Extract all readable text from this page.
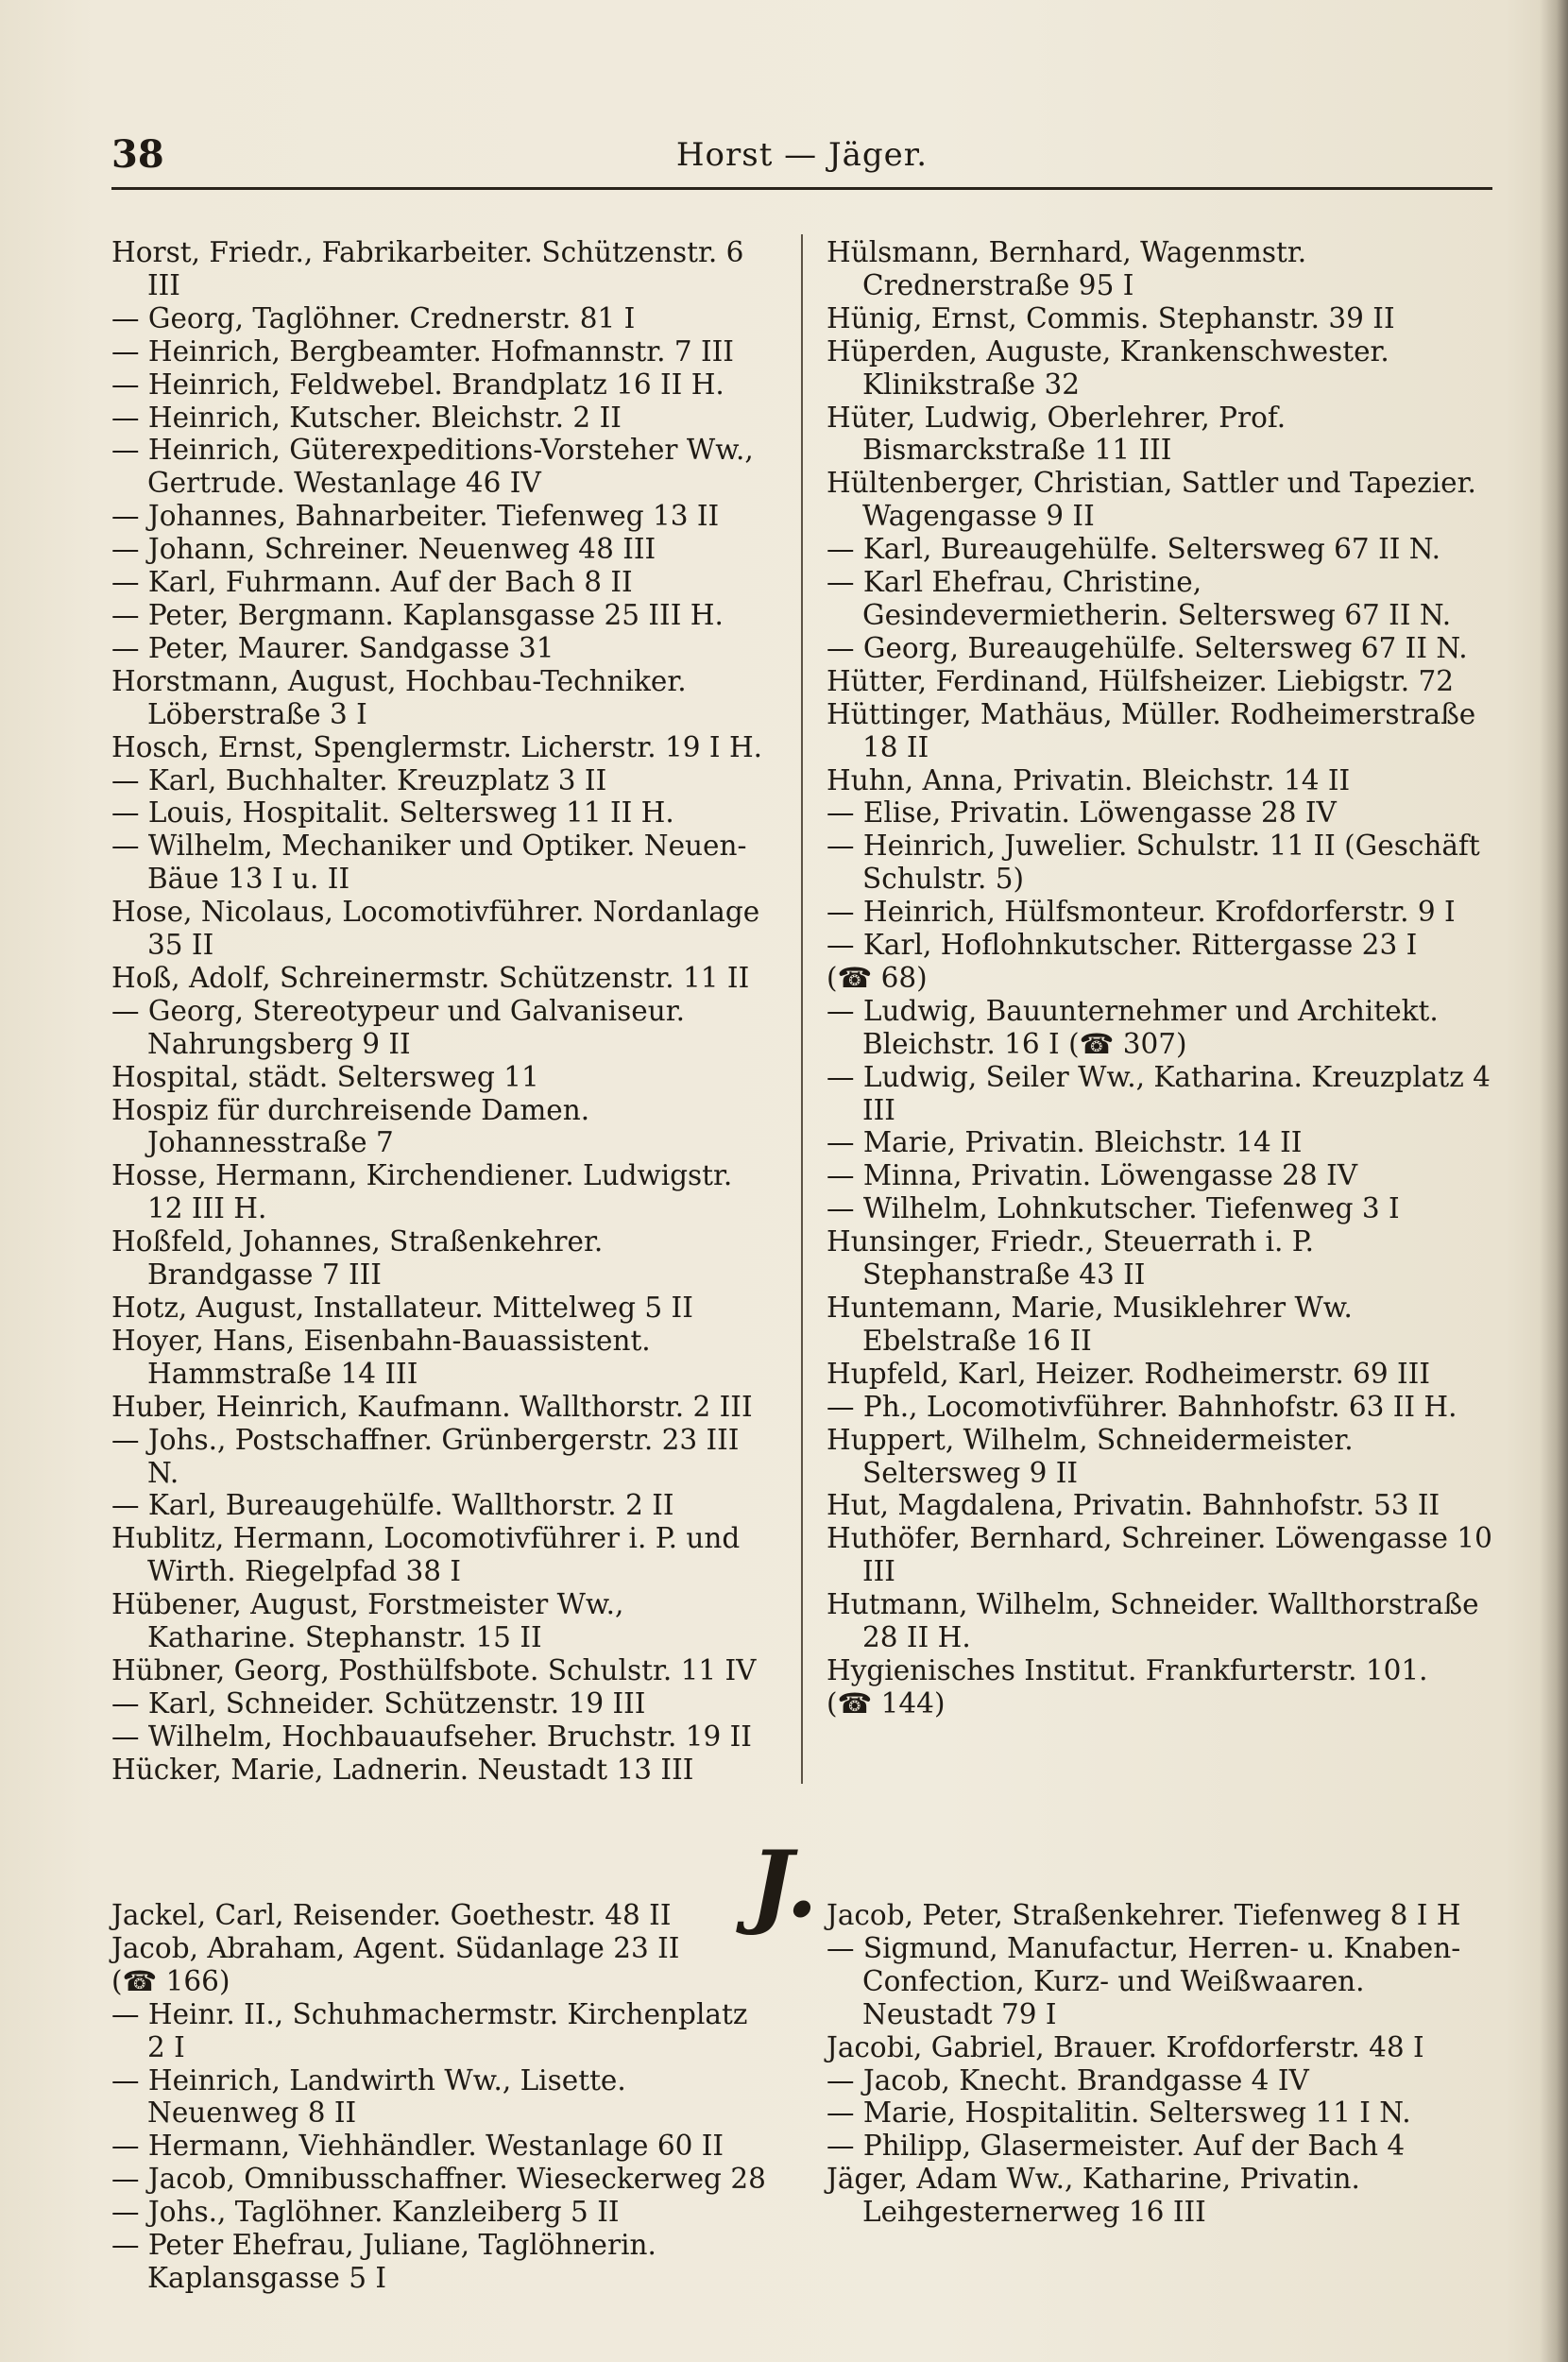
38	Horst — Jäger.
Horst, Friedr., Fabrikarbeiter. Schützenstr. 6 III
— Georg, Taglöhner. Crednerstr. 81 I
— Heinrich, Bergbeamter. Hofmannstr. 7 III
— Heinrich, Feldwebel. Brandplatz 16 II H.
— Heinrich, Kutscher. Bleichstr. 2 II
— Heinrich, Güterexpeditions-Vorsteher Ww., Gertrude. Westanlage 46 IV
— Johannes, Bahnarbeiter. Tiefenweg 13 II
— Johann, Schreiner. Neuenweg 48 III
— Karl, Fuhrmann. Auf der Bach 8 II
— Peter, Bergmann. Kaplansgasse 25 III H.
— Peter, Maurer. Sandgasse 31
Horstmann, August, Hochbau-Techniker. Löberstraße 3 I
Hosch, Ernst, Spenglermstr. Licherstr. 19 I H.
— Karl, Buchhalter. Kreuzplatz 3 II
— Louis, Hospitalit. Seltersweg 11 II H.
— Wilhelm, Mechaniker und Optiker. Neuen-Bäue 13 I u. II
Hose, Nicolaus, Locomotivführer. Nordanlage 35 II
Hoß, Adolf, Schreinermstr. Schützenstr. 11 II
— Georg, Stereotypeur und Galvaniseur. Nahrungsberg 9 II
Hospital, städt. Seltersweg 11
Hospiz für durchreisende Damen. Johannesstraße 7
Hosse, Hermann, Kirchendiener. Ludwigstr. 12 III H.
Hoßfeld, Johannes, Straßenkehrer. Brandgasse 7 III
Hotz, August, Installateur. Mittelweg 5 II
Hoyer, Hans, Eisenbahn-Bauassistent. Hammstraße 14 III
Huber, Heinrich, Kaufmann. Wallthorstr. 2 III
— Johs., Postschaffner. Grünbergerstr. 23 III N.
— Karl, Bureaugehülfe. Wallthorstr. 2 II
Hublitz, Hermann, Locomotivführer i. P. und Wirth. Riegelpfad 38 I
Hübener, August, Forstmeister Ww., Katharine. Stephanstr. 15 II
Hübner, Georg, Posthülfsbote. Schulstr. 11 IV
— Karl, Schneider. Schützenstr. 19 III
— Wilhelm, Hochbauaufseher. Bruchstr. 19 II
Hücker, Marie, Ladnerin. Neustadt 13 III
Hülsmann, Bernhard, Wagenmstr. Crednerstraße 95 I
Hünig, Ernst, Commis. Stephanstr. 39 II
Hüperden, Auguste, Krankenschwester. Klinikstraße 32
Hüter, Ludwig, Oberlehrer, Prof. Bismarckstraße 11 III
Hültenberger, Christian, Sattler und Tapezier. Wagengasse 9 II
— Karl, Bureaugehülfe. Seltersweg 67 II N.
— Karl Ehefrau, Christine, Gesindevermietherin. Seltersweg 67 II N.
— Georg, Bureaugehülfe. Seltersweg 67 II N.
Hütter, Ferdinand, Hülfsheizer. Liebigstr. 72
Hüttinger, Mathäus, Müller. Rodheimerstraße 18 II
Huhn, Anna, Privatin. Bleichstr. 14 II
— Elise, Privatin. Löwengasse 28 IV
— Heinrich, Juwelier. Schulstr. 11 II (Geschäft Schulstr. 5)
— Heinrich, Hülfsmonteur. Krofdorferstr. 9 I
— Karl, Hoflohnkutscher. Rittergasse 23 I
(☎ 68)
— Ludwig, Bauunternehmer und Architekt. Bleichstr. 16 I (☎ 307)
— Ludwig, Seiler Ww., Katharina. Kreuzplatz 4 III
— Marie, Privatin. Bleichstr. 14 II
— Minna, Privatin. Löwengasse 28 IV
— Wilhelm, Lohnkutscher. Tiefenweg 3 I
Hunsinger, Friedr., Steuerrath i. P. Stephanstraße 43 II
Huntemann, Marie, Musiklehrer Ww. Ebelstraße 16 II
Hupfeld, Karl, Heizer. Rodheimerstr. 69 III
— Ph., Locomotivführer. Bahnhofstr. 63 II H.
Huppert, Wilhelm, Schneidermeister. Seltersweg 9 II
Hut, Magdalena, Privatin. Bahnhofstr. 53 II
Huthöfer, Bernhard, Schreiner. Löwengasse 10 III
Hutmann, Wilhelm, Schneider. Wallthorstraße 28 II H.
Hygienisches Institut. Frankfurterstr. 101.
(☎ 144)
J.
Jackel, Carl, Reisender. Goethestr. 48 II
Jacob, Abraham, Agent. Südanlage 23 II
(☎ 166)
— Heinr. II., Schuhmachermstr. Kirchenplatz 2 I
— Heinrich, Landwirth Ww., Lisette. Neuenweg 8 II
— Hermann, Viehhändler. Westanlage 60 II
— Jacob, Omnibusschaffner. Wieseckerweg 28
— Johs., Taglöhner. Kanzleiberg 5 II
— Peter Ehefrau, Juliane, Taglöhnerin. Kaplansgasse 5 I
Jacob, Peter, Straßenkehrer. Tiefenweg 8 I H
— Sigmund, Manufactur, Herren- u. Knaben-Confection, Kurz- und Weißwaaren. Neustadt 79 I
Jacobi, Gabriel, Brauer. Krofdorferstr. 48 I
— Jacob, Knecht. Brandgasse 4 IV
— Marie, Hospitalitin. Seltersweg 11 I N.
— Philipp, Glasermeister. Auf der Bach 4
Jäger, Adam Ww., Katharine, Privatin. Leihgesternerweg 16 III
